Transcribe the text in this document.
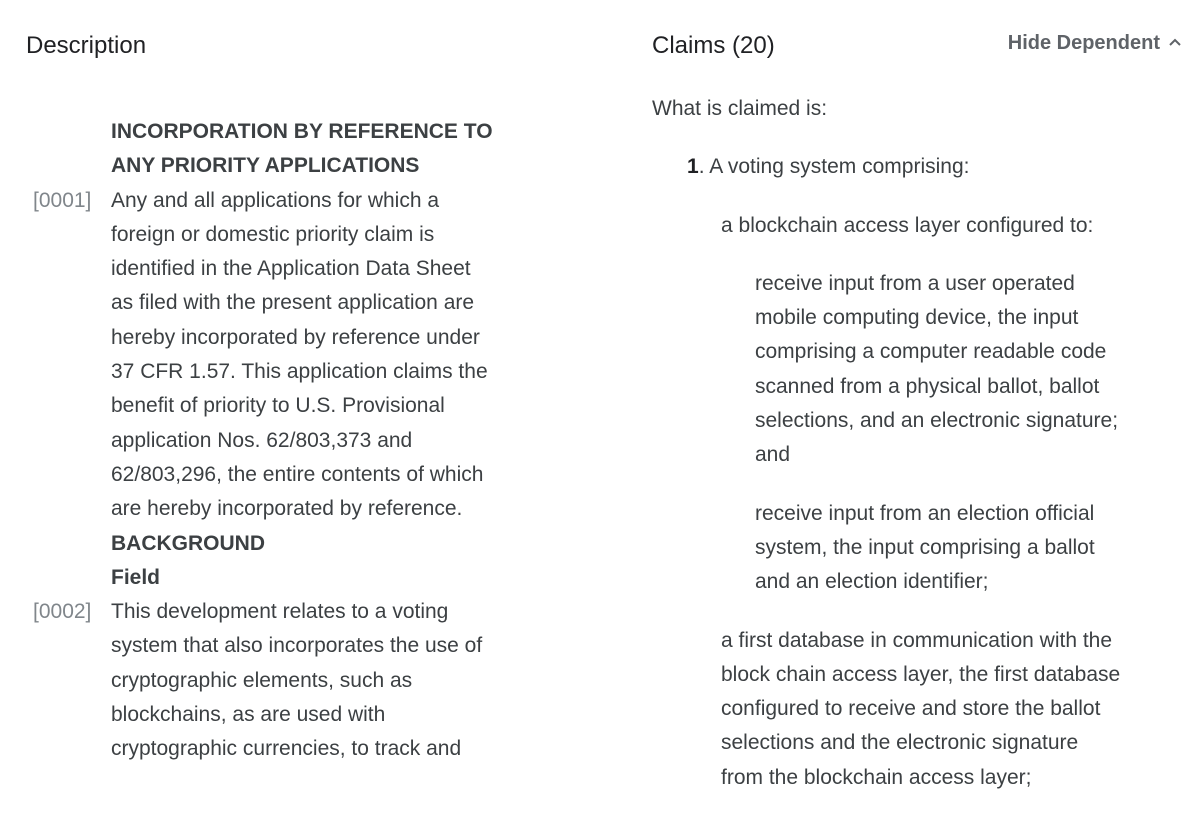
Description
INCORPORATION BY REFERENCE TO
ANY PRIORITY APPLICATIONS
[0001] Any and all applications for which a
foreign or domestic priority claim is
identified in the Application Data Sheet
as filed with the present application are
hereby incorporated by reference under
37 CFR 1.57. This application claims the
benefit of priority to U.S. Provisional
application Nos. 62/803,373 and
62/803,296, the entire contents of which
are hereby incorporated by reference.
BACKGROUND
Field
[0002] This development relates to a voting
system that also incorporates the use of
cryptographic elements, such as
blockchains, as are used with
cryptographic currencies, to track and
Claims (20)	Hide Dependent
What is claimed is:
1. A voting system comprising:
a blockchain access layer configured to:
receive input from a user operated
mobile computing device, the input
comprising a computer readable code
scanned from a physical ballot, ballot
selections, and an electronic signature;
and
receive input from an election official
system, the input comprising a ballot
and an election identifier;
a first database in communication with the
block chain access layer, the first database
configured to receive and store the ballot
selections and the electronic signature
from the blockchain access layer;
